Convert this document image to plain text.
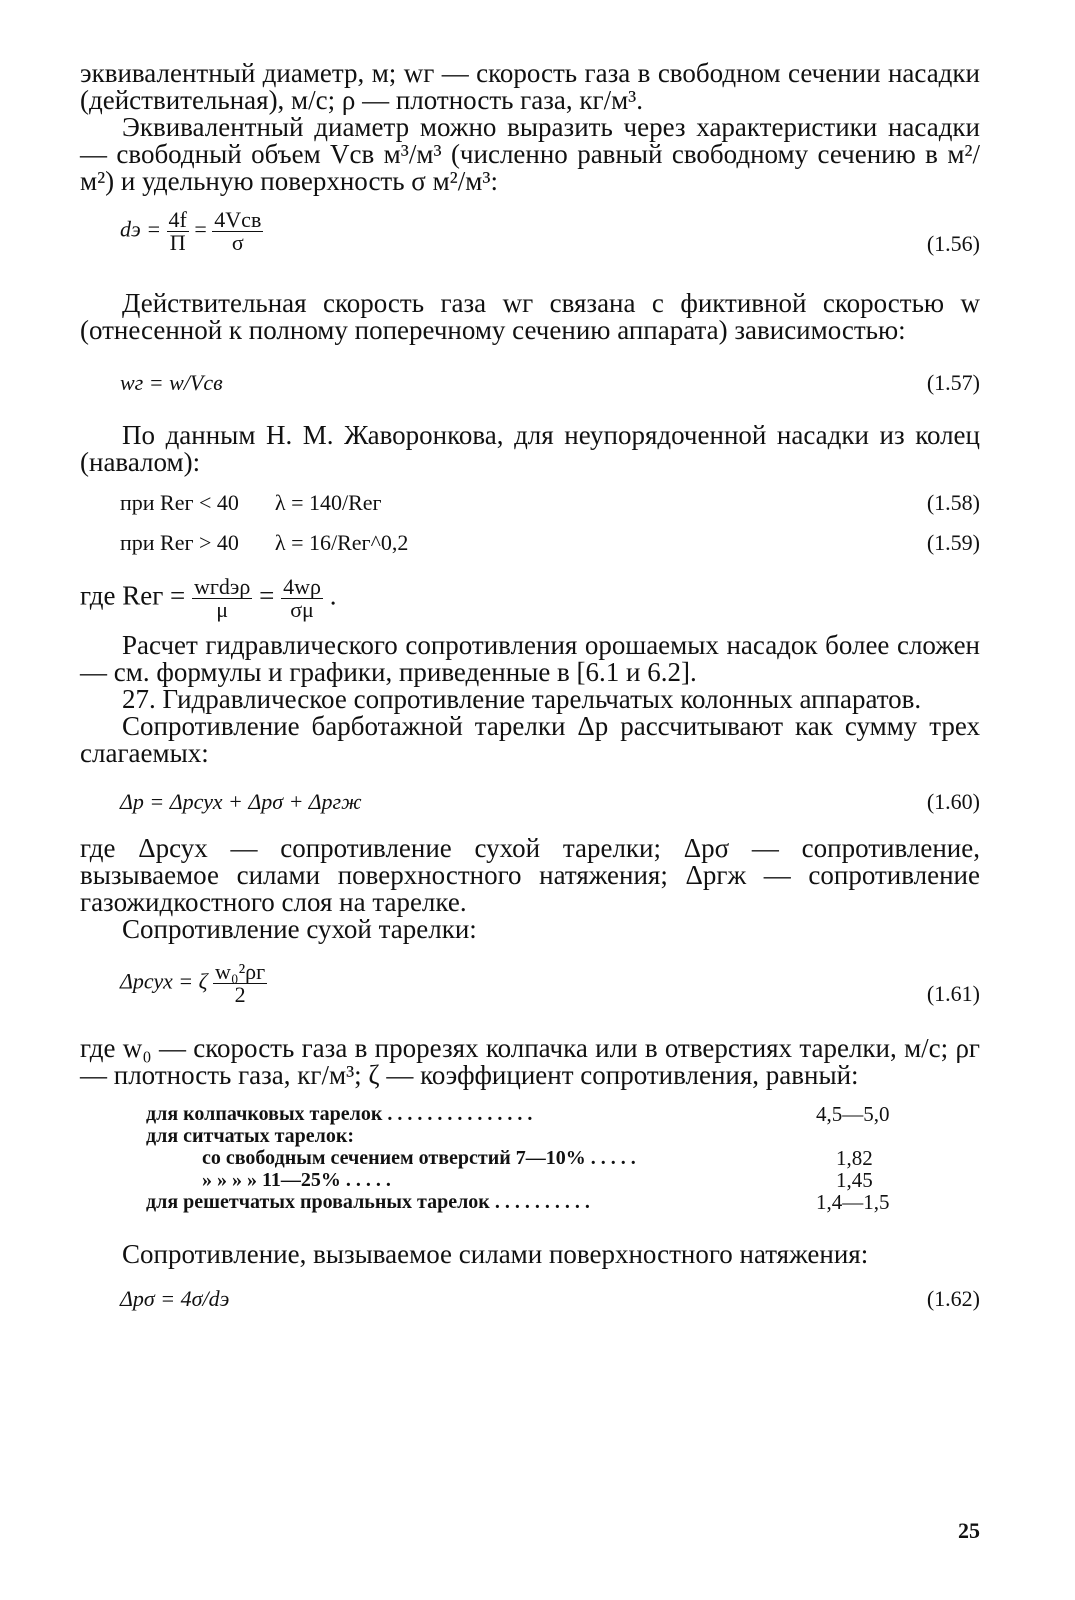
эквивалентный диаметр, м; wг — скорость газа в свободном сечении насадки (действительная), м/с; ρ — плотность газа, кг/м³.

Эквивалентный диаметр можно выразить через характеристики насадки — свободный объем Vсв м³/м³ (численно равный свободному сечению в м²/м²) и удельную поверхность σ м²/м³:

dэ = $\frac{4f}{П} = \frac{\text{4Vсв}}{\sigma}$	(1.56)

Действительная скорость газа wг связана с фиктивной скоростью w (отнесенной к полному поперечному сечению аппарата) зависимостью:

wг = w/Vсв	(1.57)

По данным Н. М. Жаворонкова, для неупорядоченной насадки из колец (навалом):

при Reг < 40 λ = 140/Reг	(1.58)
при Reг > 40 λ = 16/Reг^0,2	(1.59)
где Reг = $\frac{\text{wгdэρ}}{\mu} = \frac{4w\rho}{\sigma\mu}$ .

Расчет гидравлического сопротивления орошаемых насадок более сложен — см. формулы и графики, приведенные в [6.1 и 6.2].

27. Гидравлическое сопротивление тарельчатых колонных аппаратов.

Сопротивление барботажной тарелки Δp рассчитывают как сумму трех слагаемых:

Δp = Δpсух + Δpσ + Δpгж	(1.60)

где Δpсух — сопротивление сухой тарелки; Δpσ — сопротивление, вызываемое силами поверхностного натяжения; Δpгж — сопротивление газожидкостного слоя на тарелке.

Сопротивление сухой тарелки:

Δpсух = ζ $\frac{\text{w₀²ρг}}{2}$	(1.61)

где w₀ — скорость газа в прорезях колпачка или в отверстиях тарелки, м/с; ρг — плотность газа, кг/м³; ζ — коэффициент сопротивления, равный:

для колпачковых тарелок . . . . . . . . . . . . . . .	4,5—5,0
для ситчатых тарелок:
со свободным сечением отверстий 7—10% . . . . .	1,82
» » » » 11—25% . . . . .	1,45
для решетчатых провальных тарелок . . . . . . . . . .	1,4—1,5

Сопротивление, вызываемое силами поверхностного натяжения:

Δpσ = 4σ/dэ	(1.62)
25
